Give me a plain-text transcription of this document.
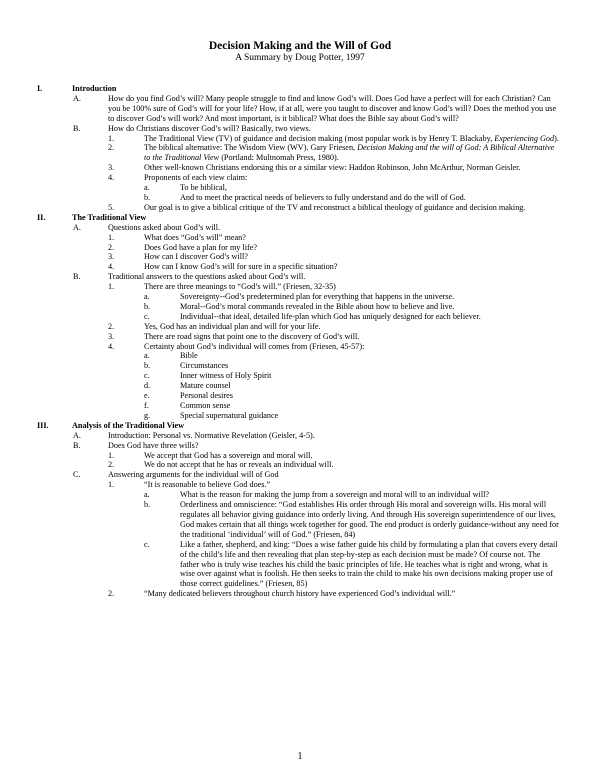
Decision Making and the Will of God
A Summary by Doug Potter, 1997
I.	Introduction
A.	How do you find God’s will? Many people struggle to find and know God’s will. Does God have a perfect will for each Christian? Can you be 100% sure of God’s will for your life? How, if at all, were you taught to discover and know God’s will? Does the method you use to discover God’s will work? And most important, is it biblical? What does the Bible say about God’s will?
B.	How do Christians discover God’s will? Basically, two views.
1.	The Traditional View (TV) of guidance and decision making (most popular work is by Henry T. Blackaby, Experiencing God).
2.	The biblical alternative: The Wisdom View (WV). Gary Friesen, Decision Making and the will of God: A Biblical Alternative to the Traditional View (Portland: Multnomah Press, 1980).
3.	Other well-known Christians endorsing this or a similar view: Haddon Robinson, John McArthur, Norman Geisler.
4.	Proponents of each view claim:
a.	To be biblical,
b.	And to meet the practical needs of believers to fully understand and do the will of God.
5.	Our goal is to give a biblical critique of the TV and reconstruct a biblical theology of guidance and decision making.
II.	The Traditional View
A.	Questions asked about God’s will.
1.	What does “God’s will” mean?
2.	Does God have a plan for my life?
3.	How can I discover God’s will?
4.	How can I know God’s will for sure in a specific situation?
B.	Traditional answers to the questions asked about God’s will.
1.	There are three meanings to “God’s will.” (Friesen, 32-35)
a.	Sovereignty--God’s predetermined plan for everything that happens in the universe.
b.	Moral--God’s moral commands revealed in the Bible about how to believe and live.
c.	Individual--that ideal, detailed life-plan which God has uniquely designed for each believer.
2.	Yes, God has an individual plan and will for your life.
3.	There are road signs that point one to the discovery of God’s will.
4.	Certainty about God’s individual will comes from (Friesen, 45-57):
a.	Bible
b.	Circumstances
c.	Inner witness of Holy Spirit
d.	Mature counsel
e.	Personal desires
f.	Common sense
g.	Special supernatural guidance
III.	Analysis of the Traditional View
A.	Introduction: Personal vs. Normative Revelation (Geisler, 4-5).
B.	Does God have three wills?
1.	We accept that God has a sovereign and moral will.
2.	We do not accept that he has or reveals an individual will.
C.	Answering arguments for the individual will of God
1.	“It is reasonable to believe God does.”
a.	What is the reason for making the jump from a sovereign and moral will to an individual will?
b.	Orderliness and omniscience: “God establishes His order through His moral and sovereign wills. His moral will regulates all behavior giving guidance into orderly living. And through His sovereign superintendence of our lives, God makes certain that all things work together for good. The end product is orderly guidance-without any need for the traditional ‘individual’ will of God.” (Friesen, 84)
c.	Like a father, shepherd, and king: “Does a wise father guide his child by formulating a plan that covers every detail of the child’s life and then revealing that plan step-by-step as each decision must be made? Of course not. The father who is truly wise teaches his child the basic principles of life. He teaches what is right and wrong, what is wise over against what is foolish. He then seeks to train the child to make his own decisions making proper use of those correct guidelines.” (Friesen, 85)
2.	“Many dedicated believers throughout church history have experienced God’s individual will.”
1
